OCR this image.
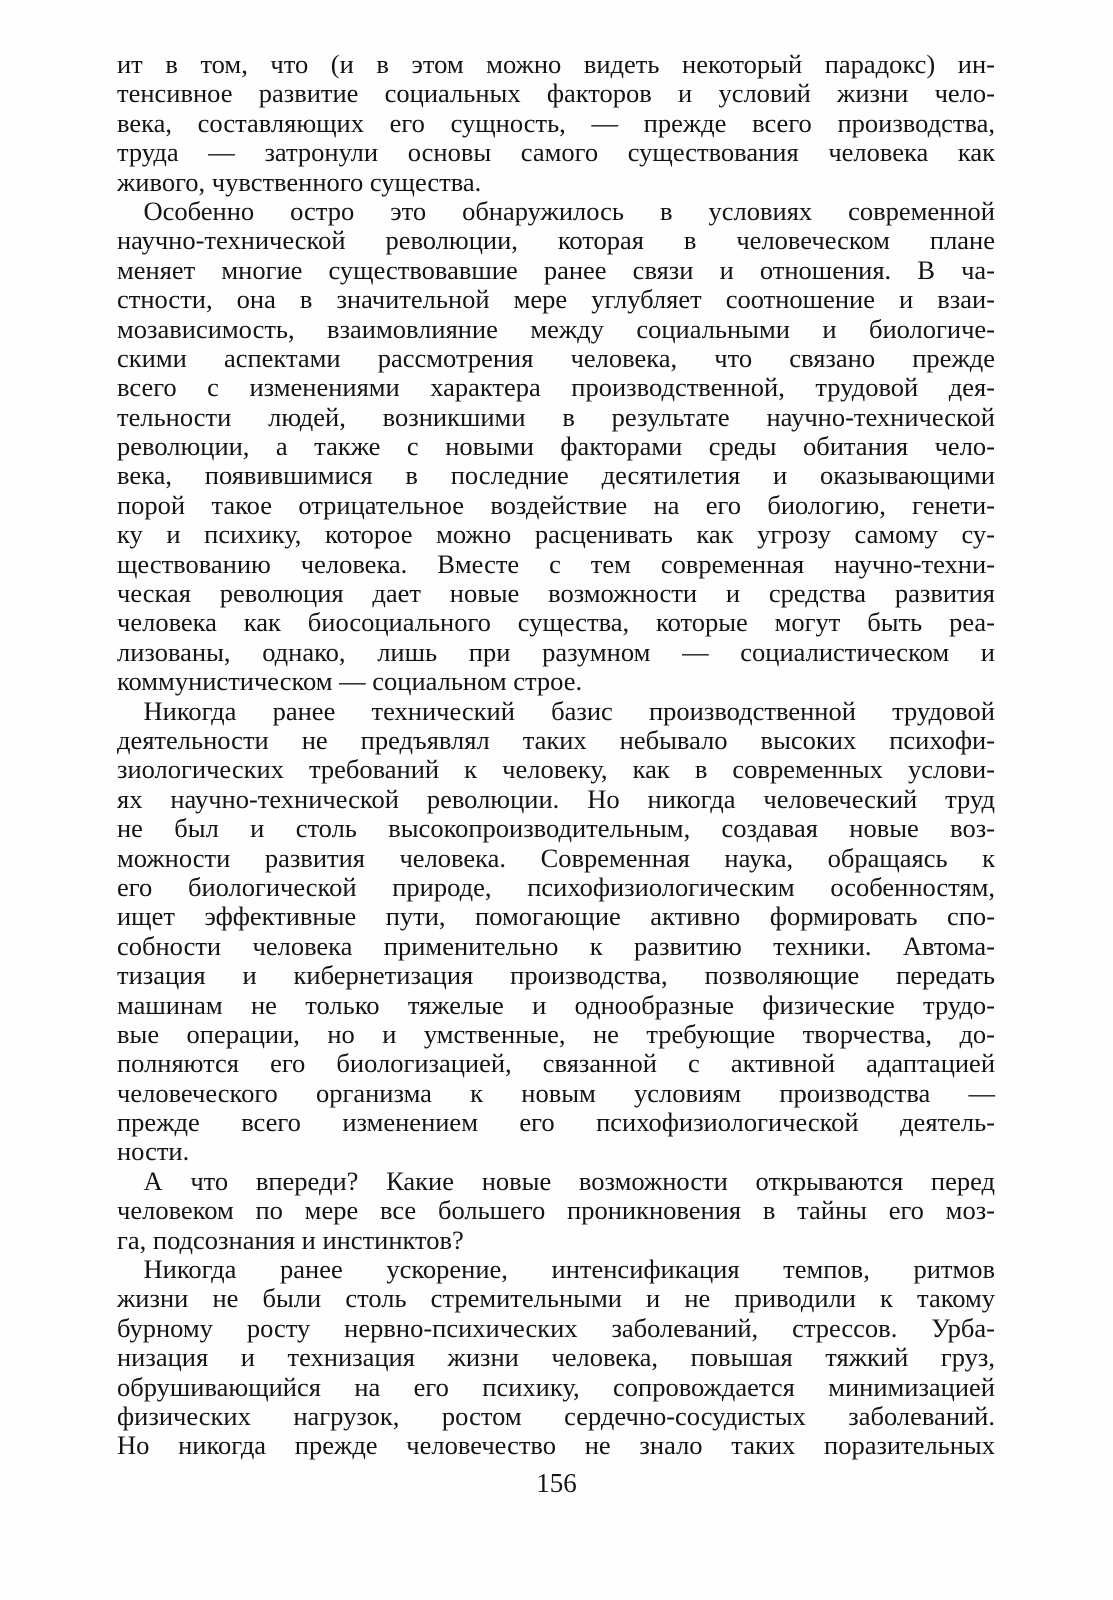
ит в том, что (и в этом можно видеть некоторый парадокс) ин-
тенсивное развитие социальных факторов и условий жизни чело-
века, составляющих его сущность, — прежде всего производства,
труда — затронули основы самого существования человека как
живого, чувственного существа.
 Особенно остро это обнаружилось в условиях современной
научно-технической революции, которая в человеческом плане
меняет многие существовавшие ранее связи и отношения. В ча-
стности, она в значительной мере углубляет соотношение и взаи-
мозависимость, взаимовлияние между социальными и биологиче-
скими аспектами рассмотрения человека, что связано прежде
всего с изменениями характера производственной, трудовой дея-
тельности людей, возникшими в результате научно-технической
революции, а также с новыми факторами среды обитания чело-
века, появившимися в последние десятилетия и оказывающими
порой такое отрицательное воздействие на его биологию, генети-
ку и психику, которое можно расценивать как угрозу самому су-
ществованию человека. Вместе с тем современная научно-техни-
ческая революция дает новые возможности и средства развития
человека как биосоциального существа, которые могут быть реа-
лизованы, однако, лишь при разумном — социалистическом и
коммунистическом — социальном строе.
 Никогда ранее технический базис производственной трудовой
деятельности не предъявлял таких небывало высоких психофи-
зиологических требований к человеку, как в современных услови-
ях научно-технической революции. Но никогда человеческий труд
не был и столь высокопроизводительным, создавая новые воз-
можности развития человека. Современная наука, обращаясь к
его биологической природе, психофизиологическим особенностям,
ищет эффективные пути, помогающие активно формировать спо-
собности человека применительно к развитию техники. Автома-
тизация и кибернетизация производства, позволяющие передать
машинам не только тяжелые и однообразные физические трудо-
вые операции, но и умственные, не требующие творчества, до-
полняются его биологизацией, связанной с активной адаптацией
человеческого организма к новым условиям производства —
прежде всего изменением его психофизиологической деятель-
ности.
 А что впереди? Какие новые возможности открываются перед
человеком по мере все большего проникновения в тайны его моз-
га, подсознания и инстинктов?
 Никогда ранее ускорение, интенсификация темпов, ритмов
жизни не были столь стремительными и не приводили к такому
бурному росту нервно-психических заболеваний, стрессов. Урба-
низация и технизация жизни человека, повышая тяжкий груз,
обрушивающийся на его психику, сопровождается минимизацией
физических нагрузок, ростом сердечно-сосудистых заболеваний.
Но никогда прежде человечество не знало таких поразительных
156
